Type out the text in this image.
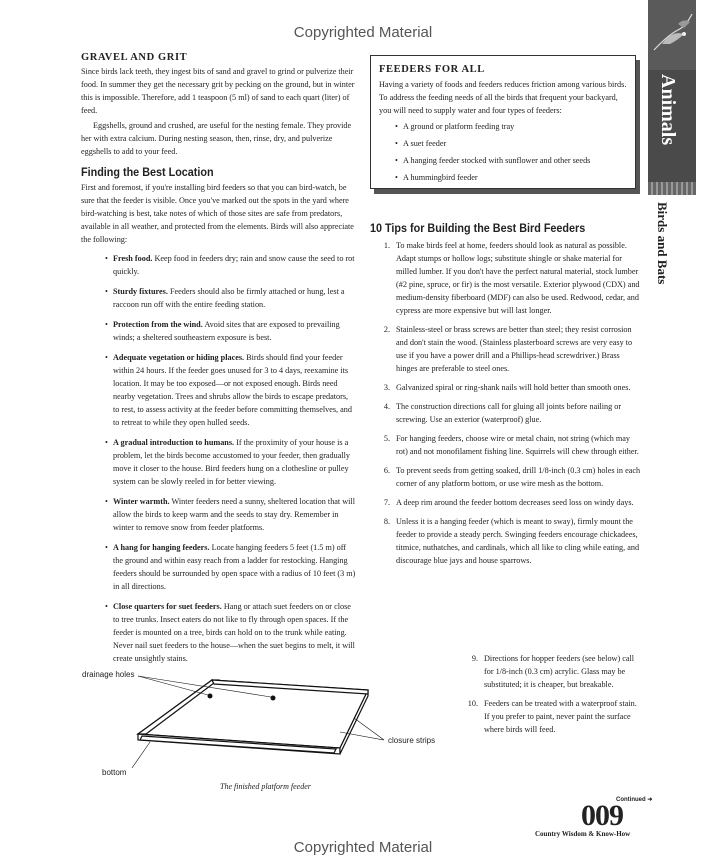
Copyrighted Material
Copyrighted Material
Animals
Birds and Bats
GRAVEL AND GRIT

Since birds lack teeth, they ingest bits of sand and gravel to grind or pulverize their food. In summer they get the necessary grit by pecking on the ground, but in winter this is impossible. Therefore, add 1 teaspoon (5 ml) of sand to each quart (liter) of feed.

Eggshells, ground and crushed, are useful for the nesting female. They provide her with extra calcium. During nesting season, then, rinse, dry, and pulverize eggshells to add to your feed.

Finding the Best Location
First and foremost, if you're installing bird feeders so that you can bird-watch, be sure that the feeder is visible. Once you've marked out the spots in the yard where bird-watching is best, take notes of which of those sites are safe from predators, available in all weather, and protected from the elements. Birds will also appreciate the following:
• Fresh food. Keep food in feeders dry; rain and snow cause the seed to rot quickly.
• Sturdy fixtures. Feeders should also be firmly attached or hung, lest a raccoon run off with the entire feeding station.
• Protection from the wind. Avoid sites that are exposed to prevailing winds; a sheltered southeastern exposure is best.
• Adequate vegetation or hiding places. Birds should find your feeder within 24 hours. If the feeder goes unused for 3 to 4 days, reexamine its location. It may be too exposed—or not exposed enough. Birds need nearby vegetation. Trees and shrubs allow the birds to escape predators, to rest, to assess activity at the feeder before committing themselves, and to retreat to while they open hulled seeds.
• A gradual introduction to humans. If the proximity of your house is a problem, let the birds become accustomed to your feeder, then gradually move it closer to the house. Bird feeders hung on a clothesline or pulley system can be slowly reeled in for better viewing.
• Winter warmth. Winter feeders need a sunny, sheltered location that will allow the birds to keep warm and the seeds to stay dry. Remember in winter to remove snow from feeder platforms.
• A hang for hanging feeders. Locate hanging feeders 5 feet (1.5 m) off the ground and within easy reach from a ladder for restocking. Hanging feeders should be surrounded by open space with a radius of 10 feet (3 m) in all directions.
• Close quarters for suet feeders. Hang or attach suet feeders on or close to tree trunks. Insect eaters do not like to fly through open spaces. If the feeder is mounted on a tree, birds can hold on to the trunk while eating. Never nail suet feeders to the house—when the suet begins to melt, it will create unsightly stains.
FEEDERS FOR ALL
Having a variety of foods and feeders reduces friction among various birds. To address the feeding needs of all the birds that frequent your backyard, you will need to supply water and four types of feeders:
• A ground or platform feeding tray
• A suet feeder
• A hanging feeder stocked with sunflower and other seeds
• A hummingbird feeder
10 Tips for Building the Best Bird Feeders
1. To make birds feel at home, feeders should look as natural as possible. Adapt stumps or hollow logs; substitute shingle or shake material for milled lumber. If you don't have the perfect natural material, stock lumber (#2 pine, spruce, or fir) is the most versatile. Exterior plywood (CDX) and medium-density fiberboard (MDF) can also be used. Redwood, cedar, and cypress are more expensive but will last longer.
2. Stainless-steel or brass screws are better than steel; they resist corrosion and don't stain the wood. (Stainless plasterboard screws are very easy to use if you have a power drill and a Phillips-head screwdriver.) Brass hinges are preferable to steel ones.
3. Galvanized spiral or ring-shank nails will hold better than smooth ones.
4. The construction directions call for gluing all joints before nailing or screwing. Use an exterior (waterproof) glue.
5. For hanging feeders, choose wire or metal chain, not string (which may rot) and not monofilament fishing line. Squirrels will chew through either.
6. To prevent seeds from getting soaked, drill 1/8-inch (0.3 cm) holes in each corner of any platform bottom, or use wire mesh as the bottom.
7. A deep rim around the feeder bottom decreases seed loss on windy days.
8. Unless it is a hanging feeder (which is meant to sway), firmly mount the feeder to provide a steady perch. Swinging feeders encourage chickadees, titmice, nuthatches, and cardinals, which all like to cling while eating, and discourage blue jays and house sparrows.
9. Directions for hopper feeders (see below) call for 1/8-inch (0.3 cm) acrylic. Glass may be substituted; it is cheaper, but breakable.
10. Feeders can be treated with a waterproof stain. If you prefer to paint, never paint the surface where birds will feed.
drainage holes
closure strips
bottom
The finished platform feeder
Continued ➜
009
Country Wisdom & Know-How
